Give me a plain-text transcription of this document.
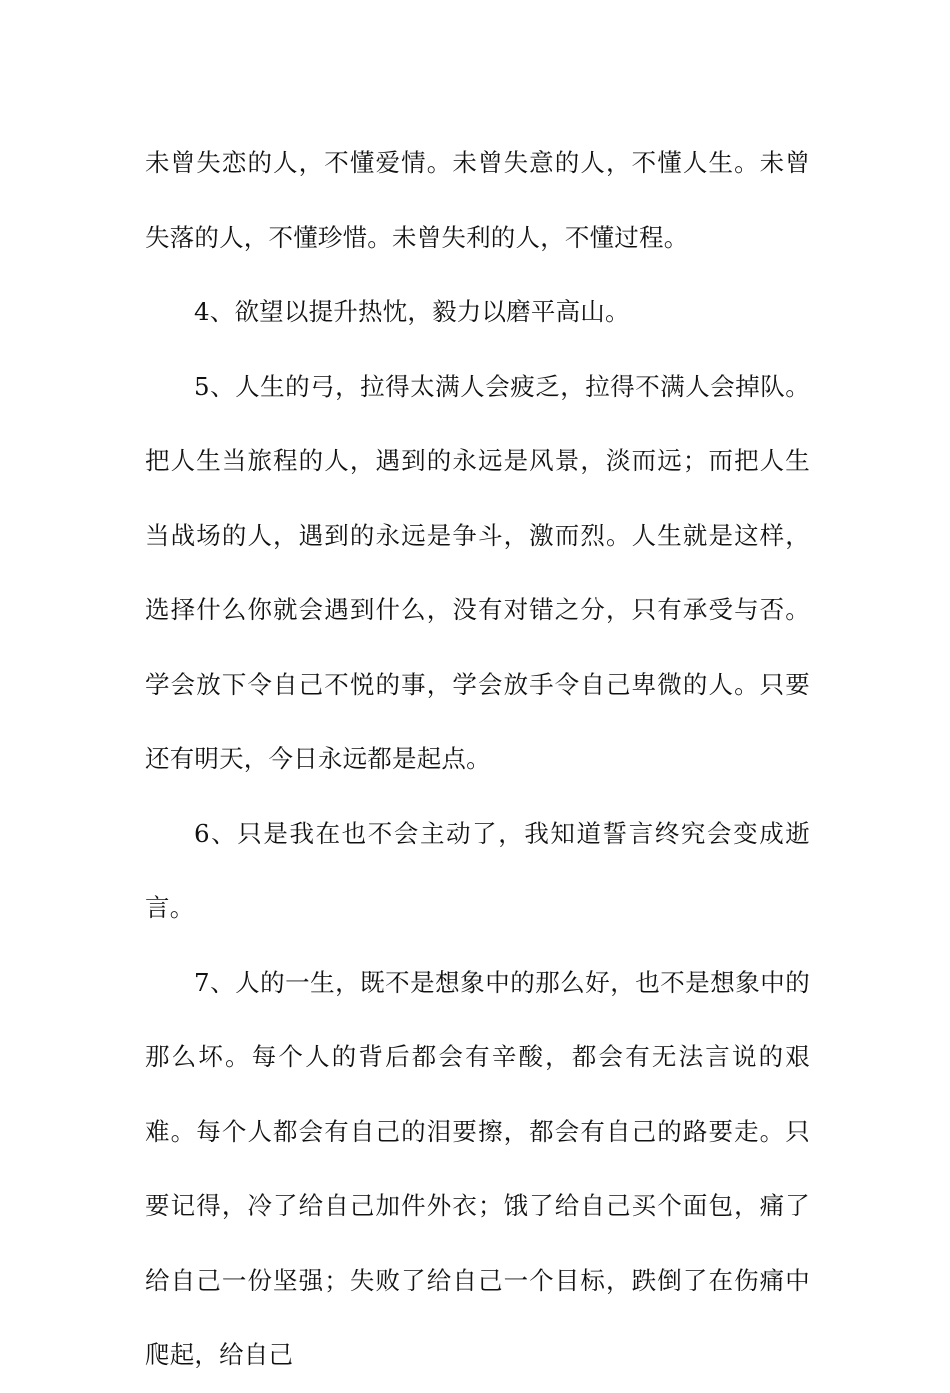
未曾失恋的人，不懂爱情。未曾失意的人，不懂人生。未曾失落的人，不懂珍惜。未曾失利的人，不懂过程。

4、欲望以提升热忱，毅力以磨平高山。

5、人生的弓，拉得太满人会疲乏，拉得不满人会掉队。把人生当旅程的人，遇到的永远是风景，淡而远；而把人生当战场的人，遇到的永远是争斗，激而烈。人生就是这样，选择什么你就会遇到什么，没有对错之分，只有承受与否。学会放下令自己不悦的事，学会放手令自己卑微的人。只要还有明天，今日永远都是起点。

6、只是我在也不会主动了，我知道誓言终究会变成逝言。

7、人的一生，既不是想象中的那么好，也不是想象中的那么坏。每个人的背后都会有辛酸，都会有无法言说的艰难。每个人都会有自己的泪要擦，都会有自己的路要走。只要记得，冷了给自己加件外衣；饿了给自己买个面包，痛了给自己一份坚强；失败了给自己一个目标，跌倒了在伤痛中爬起，给自己
